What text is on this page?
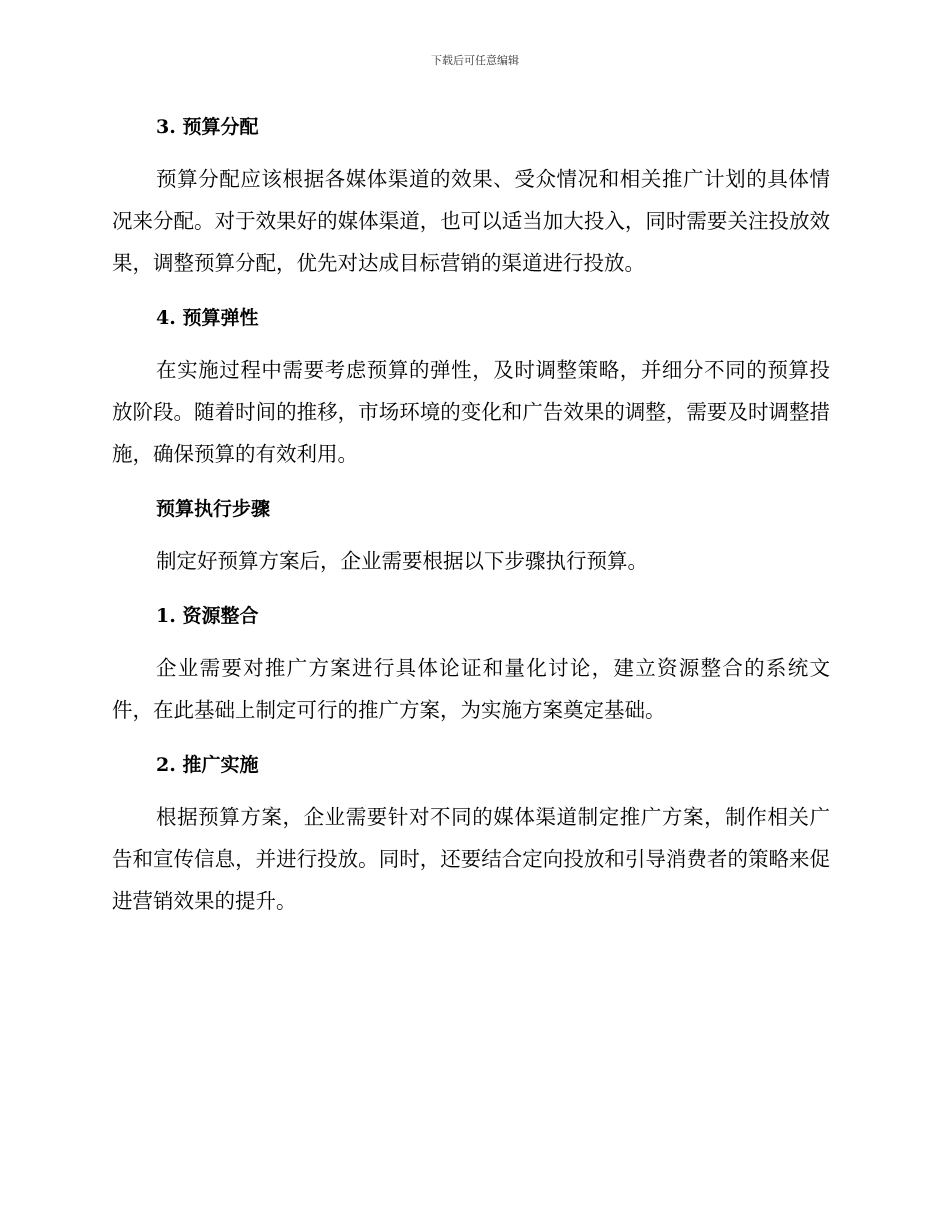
下载后可任意编辑
3. 预算分配

预算分配应该根据各媒体渠道的效果、受众情况和相关推广计划的具体情况来分配。对于效果好的媒体渠道，也可以适当加大投入，同时需要关注投放效果，调整预算分配，优先对达成目标营销的渠道进行投放。

4. 预算弹性

在实施过程中需要考虑预算的弹性，及时调整策略，并细分不同的预算投放阶段。随着时间的推移，市场环境的变化和广告效果的调整，需要及时调整措施，确保预算的有效利用。

预算执行步骤

制定好预算方案后，企业需要根据以下步骤执行预算。

1. 资源整合

企业需要对推广方案进行具体论证和量化讨论，建立资源整合的系统文件，在此基础上制定可行的推广方案，为实施方案奠定基础。

2. 推广实施

根据预算方案，企业需要针对不同的媒体渠道制定推广方案，制作相关广告和宣传信息，并进行投放。同时，还要结合定向投放和引导消费者的策略来促进营销效果的提升。
